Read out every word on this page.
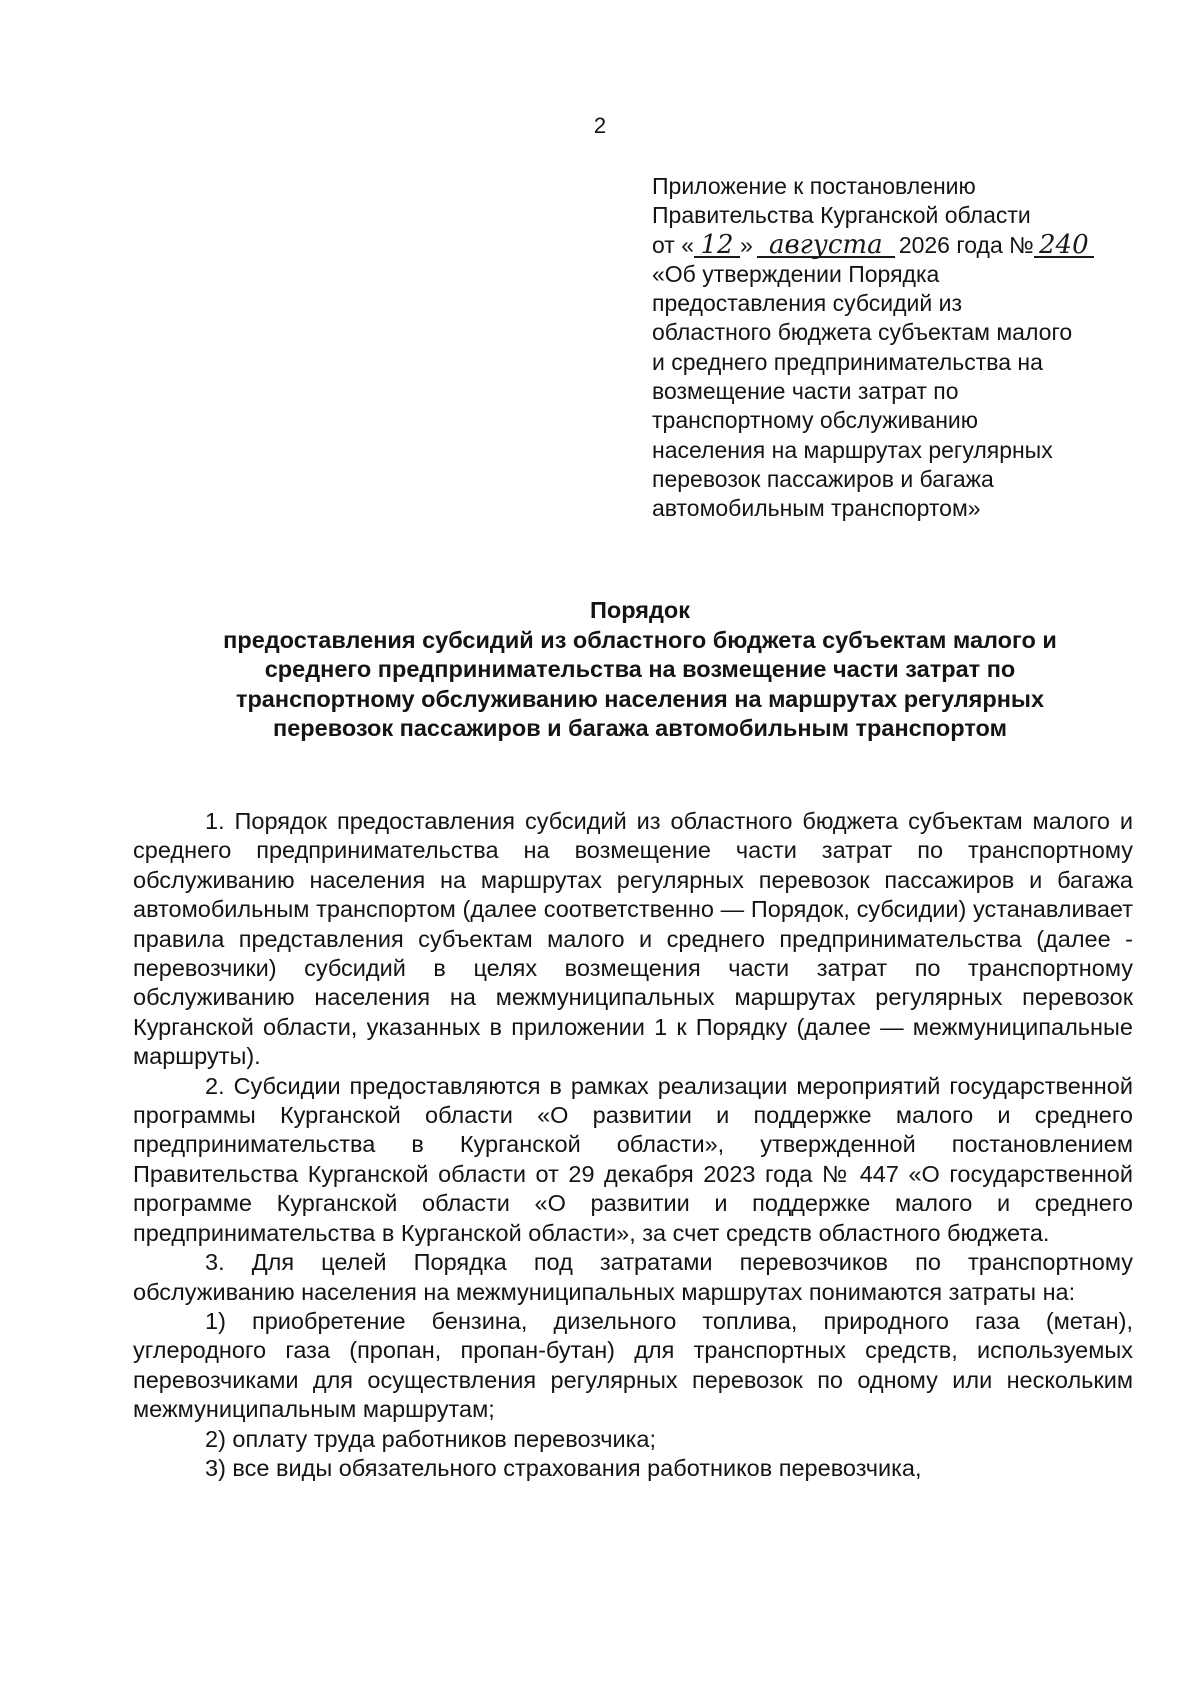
2
Приложение к постановлению
Правительства Курганской области
от « 12 » августа 2026 года № 240
«Об утверждении Порядка
предоставления субсидий из
областного бюджета субъектам малого
и среднего предпринимательства на
возмещение части затрат по
транспортному обслуживанию
населения на маршрутах регулярных
перевозок пассажиров и багажа
автомобильным транспортом»
Порядок
предоставления субсидий из областного бюджета субъектам малого и
среднего предпринимательства на возмещение части затрат по
транспортному обслуживанию населения на маршрутах регулярных
перевозок пассажиров и багажа автомобильным транспортом

1. Порядок предоставления субсидий из областного бюджета субъектам малого и среднего предпринимательства на возмещение части затрат по транспортному обслуживанию населения на маршрутах регулярных перевозок пассажиров и багажа автомобильным транспортом (далее соответственно — Порядок, субсидии) устанавливает правила представления субъектам малого и среднего предпринимательства (далее - перевозчики) субсидий в целях возмещения части затрат по транспортному обслуживанию населения на межмуниципальных маршрутах регулярных перевозок Курганской области, указанных в приложении 1 к Порядку (далее — межмуниципальные маршруты).

2. Субсидии предоставляются в рамках реализации мероприятий государственной программы Курганской области «О развитии и поддержке малого и среднего предпринимательства в Курганской области», утвержденной постановлением Правительства Курганской области от 29 декабря 2023 года № 447 «О государственной программе Курганской области «О развитии и поддержке малого и среднего предпринимательства в Курганской области», за счет средств областного бюджета.

3. Для целей Порядка под затратами перевозчиков по транспортному обслуживанию населения на межмуниципальных маршрутах понимаются затраты на:

1) приобретение бензина, дизельного топлива, природного газа (метан), углеродного газа (пропан, пропан-бутан) для транспортных средств, используемых перевозчиками для осуществления регулярных перевозок по одному или нескольким межмуниципальным маршрутам;

2) оплату труда работников перевозчика;

3) все виды обязательного страхования работников перевозчика,
